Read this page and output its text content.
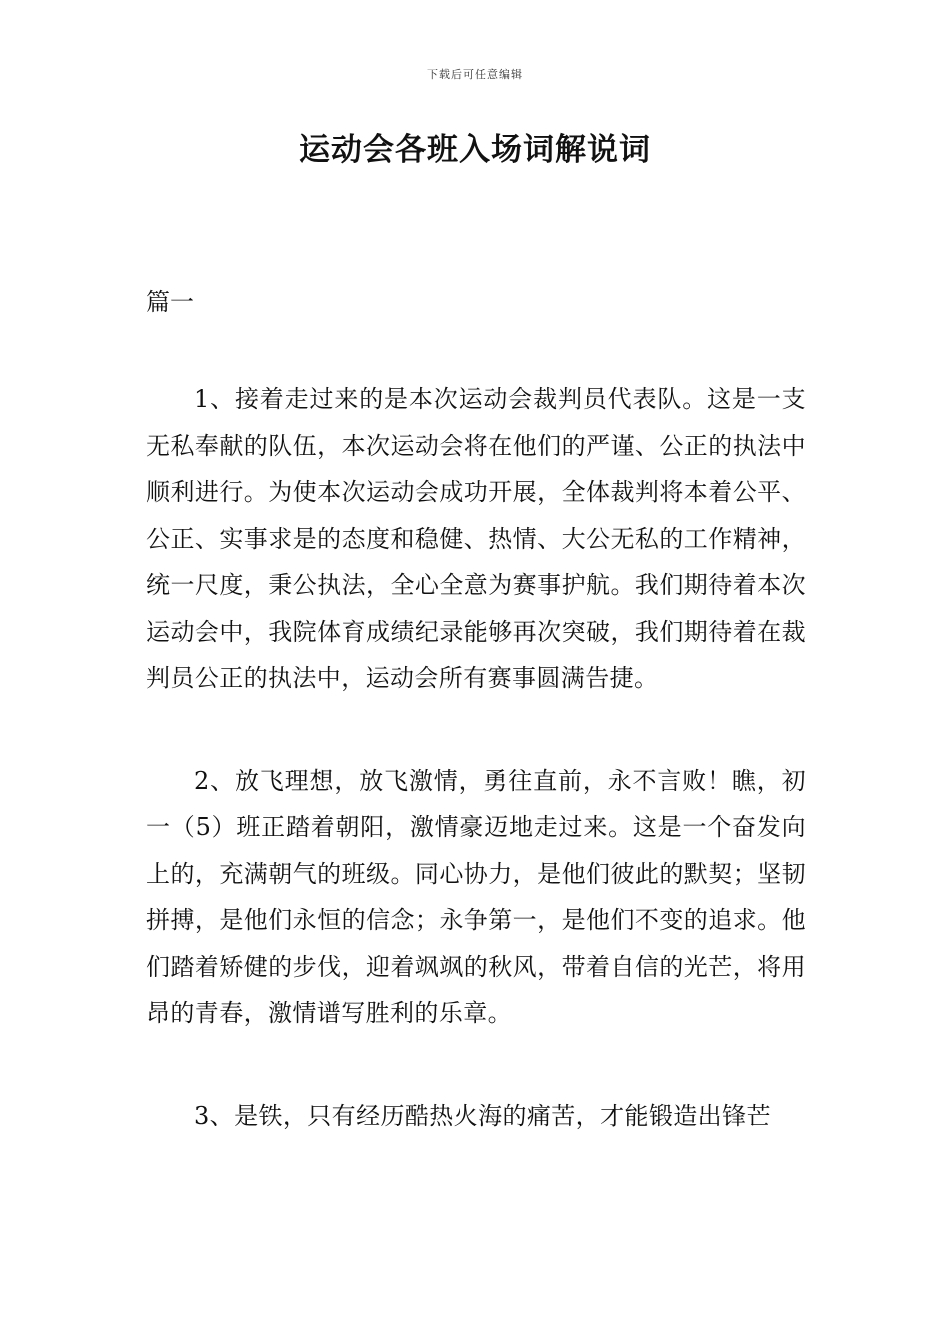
下载后可任意编辑
运动会各班入场词解说词
篇一

1、接着走过来的是本次运动会裁判员代表队。这是一支无私奉献的队伍，本次运动会将在他们的严谨、公正的执法中顺利进行。为使本次运动会成功开展，全体裁判将本着公平、公正、实事求是的态度和稳健、热情、大公无私的工作精神，统一尺度，秉公执法，全心全意为赛事护航。我们期待着本次运动会中，我院体育成绩纪录能够再次突破，我们期待着在裁判员公正的执法中，运动会所有赛事圆满告捷。

2、放飞理想，放飞激情，勇往直前，永不言败！瞧，初一（5）班正踏着朝阳，激情豪迈地走过来。这是一个奋发向上的，充满朝气的班级。同心协力，是他们彼此的默契；坚韧拼搏，是他们永恒的信念；永争第一，是他们不变的追求。他们踏着矫健的步伐，迎着飒飒的秋风，带着自信的光芒，将用昂的青春，激情谱写胜利的乐章。

3、是铁，只有经历酷热火海的痛苦，才能锻造出锋芒
